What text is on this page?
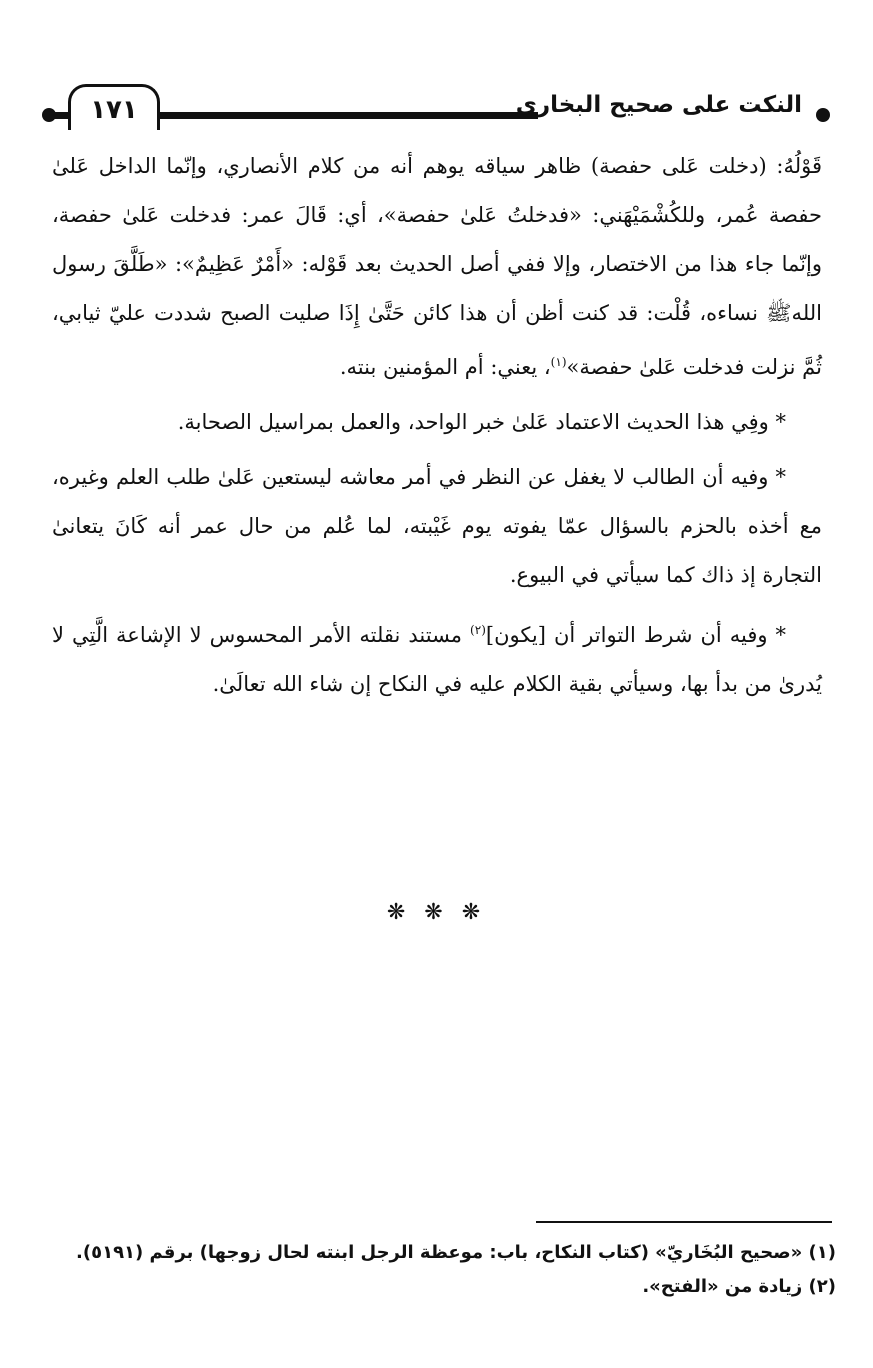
١٧١	النكت على صحيح البخاري

قَوْلُهُ: (دخلت عَلى حفصة) ظاهر سياقه يوهم أنه من كلام الأنصاري، وإنّما الداخل عَلىٰ حفصة عُمر، وللكُشْمَيْهَني: «فدخلتُ عَلىٰ حفصة»، أي: قَالَ عمر: فدخلت عَلىٰ حفصة، وإنّما جاء هذا من الاختصار، وإلا ففي أصل الحديث بعد قَوْله: «أَمْرٌ عَظِيمٌ»: «طَلَّقَ رسول اللهﷺ نساءه، قُلْت: قد كنت أظن أن هذا كائن حَتَّىٰ إِذَا صليت الصبح شددت عليّ ثيابي، ثُمَّ نزلت فدخلت عَلىٰ حفصة»$^{(١)}$، يعني: أم المؤمنين بنته.

* وفِي هذا الحديث الاعتماد عَلىٰ خبر الواحد، والعمل بمراسيل الصحابة.

* وفيه أن الطالب لا يغفل عن النظر في أمر معاشه ليستعين عَلىٰ طلب العلم وغيره، مع أخذه بالحزم بالسؤال عمّا يفوته يوم غَيْبته، لما عُلم من حال عمر أنه كَانَ يتعانىٰ التجارة إذ ذاك كما سيأتي في البيوع.

* وفيه أن شرط التواتر أن [يكون]$^{(٢)}$ مستند نقلته الأمر المحسوس لا الإشاعة الَّتِي لا يُدرىٰ من بدأ بها، وسيأتي بقية الكلام عليه في النكاح إن شاء الله تعالَىٰ.

❋ ❋ ❋
(١) «صحيح البُخَاريّ» (كتاب النكاح، باب: موعظة الرجل ابنته لحال زوجها) برقم (٥١٩١).
(٢) زيادة من «الفتح».
